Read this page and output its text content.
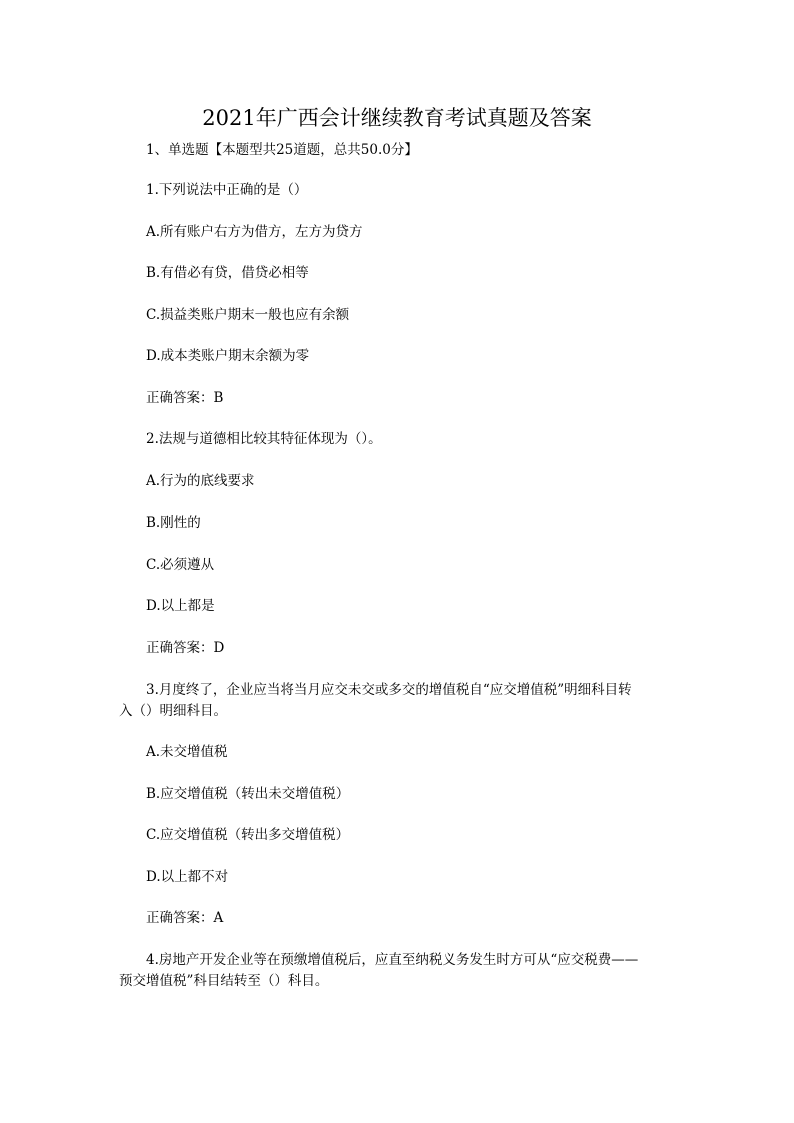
2021年广西会计继续教育考试真题及答案
1、单选题【本题型共25道题，总共50.0分】
1.下列说法中正确的是（）
A.所有账户右方为借方，左方为贷方
B.有借必有贷，借贷必相等
C.损益类账户期末一般也应有余额
D.成本类账户期末余额为零
正确答案：B
2.法规与道德相比较其特征体现为（）。
A.行为的底线要求
B.刚性的
C.必须遵从
D.以上都是
正确答案：D
3.月度终了，企业应当将当月应交未交或多交的增值税自“应交增值税”明细科目转
入（）明细科目。
A.未交增值税
B.应交增值税（转出未交增值税）
C.应交增值税（转出多交增值税）
D.以上都不对
正确答案：A
4.房地产开发企业等在预缴增值税后，应直至纳税义务发生时方可从“应交税费——
预交增值税”科目结转至（）科目。
